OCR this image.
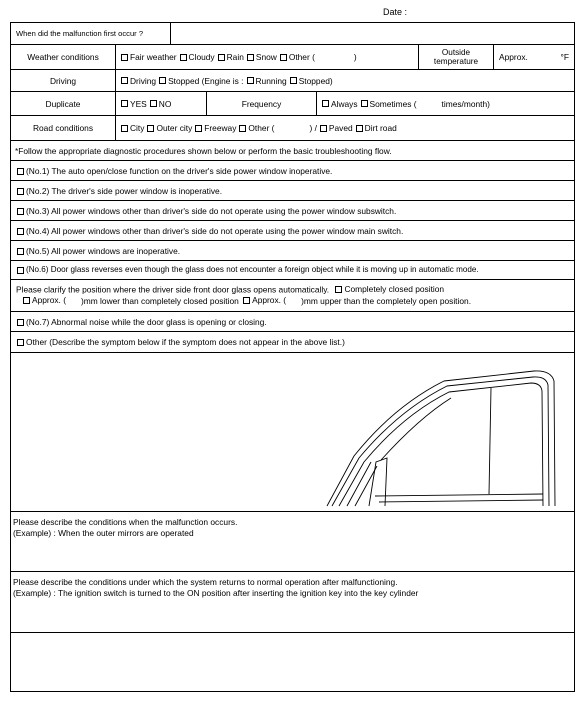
Date :
When did the malfunction first occur ?
Weather conditions	Fair weather Cloudy Rain Snow Other (	)	Outside temperature	Approx.	°F
Driving	Driving Stopped (Engine is : Running Stopped)
Duplicate	YES NO	Frequency	Always Sometimes (	times/month)
Road conditions	City Outer city Freeway Other (	) / Paved Dirt road
*Follow the appropriate diagnostic procedures shown below or perform the basic troubleshooting flow.
(No.1) The auto open/close function on the driver's side power window inoperative.
(No.2) The driver's side power window is inoperative.
(No.3) All power windows other than driver's side do not operate using the power window subswitch.
(No.4) All power windows other than driver's side do not operate using the power window main switch.
(No.5) All power windows are inoperative.
(No.6) Door glass reverses even though the glass does not encounter a foreign object while it is moving up in automatic mode.
Please clarify the position where the driver side front door glass opens automatically. Completely closed position
Approx. ( )mm lower than completely closed position Approx. ( )mm upper than the completely open position.
(No.7) Abnormal noise while the door glass is opening or closing.
Other (Describe the symptom below if the symptom does not appear in the above list.)
Please describe the conditions when the malfunction occurs.
(Example) : When the outer mirrors are operated
Please describe the conditions under which the system returns to normal operation after malfunctioning.
(Example) : The ignition switch is turned to the ON position after inserting the ignition key into the key cylinder
